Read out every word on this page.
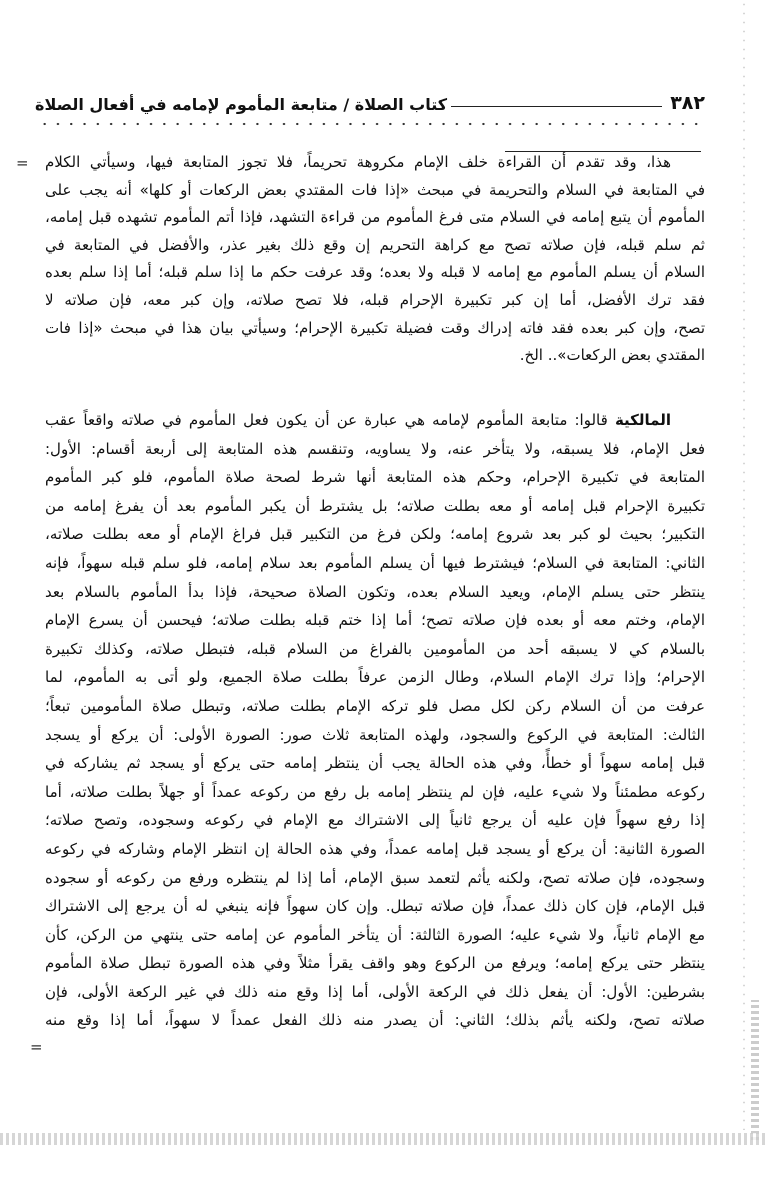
٣٨٢
كتاب الصلاة / متابعة المأموم لإمامه في أفعال الصلاة
= هذا، وقد تقدم أن القراءة خلف الإمام مكروهة تحريماً، فلا تجوز المتابعة فيها، وسيأتي الكلام
في المتابعة في السلام والتحريمة في مبحث «إذا فات المقتدي بعض الركعات أو كلها» أنه يجب على
المأموم أن يتبع إمامه في السلام متى فرغ المأموم من قراءة التشهد، فإذا أتم المأموم تشهده قبل إمامه،
ثم سلم قبله، فإن صلاته تصح مع كراهة التحريم إن وقع ذلك بغير عذر، والأفضل في المتابعة في
السلام أن يسلم المأموم مع إمامه لا قبله ولا بعده؛ وقد عرفت حكم ما إذا سلم قبله؛ أما إذا سلم بعده
فقد ترك الأفضل، أما إن كبر تكبيرة الإحرام قبله، فلا تصح صلاته، وإن كبر معه، فإن صلاته لا
تصح، وإن كبر بعده فقد فاته إدراك وقت فضيلة تكبيرة الإحرام؛ وسيأتي بيان هذا في مبحث «إذا فات
المقتدي بعض الركعات».. الخ.
المالكية قالوا: متابعة المأموم لإمامه هي عبارة عن أن يكون فعل المأموم في صلاته واقعاً عقب
فعل الإمام، فلا يسبقه، ولا يتأخر عنه، ولا يساويه، وتنقسم هذه المتابعة إلى أربعة أقسام: الأول:
المتابعة في تكبيرة الإحرام، وحكم هذه المتابعة أنها شرط لصحة صلاة المأموم، فلو كبر المأموم
تكبيرة الإحرام قبل إمامه أو معه بطلت صلاته؛ بل يشترط أن يكبر المأموم بعد أن يفرغ إمامه من
التكبير؛ بحيث لو كبر بعد شروع إمامه؛ ولكن فرغ من التكبير قبل فراغ الإمام أو معه بطلت صلاته،
الثاني: المتابعة في السلام؛ فيشترط فيها أن يسلم المأموم بعد سلام إمامه، فلو سلم قبله سهواً، فإنه
ينتظر حتى يسلم الإمام، ويعيد السلام بعده، وتكون الصلاة صحيحة، فإذا بدأ المأموم بالسلام بعد
الإمام، وختم معه أو بعده فإن صلاته تصح؛ أما إذا ختم قبله بطلت صلاته؛ فيحسن أن يسرع الإمام
بالسلام كي لا يسبقه أحد من المأمومين بالفراغ من السلام قبله، فتبطل صلاته، وكذلك تكبيرة
الإحرام؛ وإذا ترك الإمام السلام، وطال الزمن عرفاً بطلت صلاة الجميع، ولو أتى به المأموم، لما
عرفت من أن السلام ركن لكل مصل فلو تركه الإمام بطلت صلاته، وتبطل صلاة المأمومين تبعاً؛
الثالث: المتابعة في الركوع والسجود، ولهذه المتابعة ثلاث صور: الصورة الأولى: أن يركع أو يسجد
قبل إمامه سهواً أو خطأً، وفي هذه الحالة يجب أن ينتظر إمامه حتى يركع أو يسجد ثم يشاركه في
ركوعه مطمئناً ولا شيء عليه، فإن لم ينتظر إمامه بل رفع من ركوعه عمداً أو جهلاً بطلت صلاته، أما
إذا رفع سهواً فإن عليه أن يرجع ثانياً إلى الاشتراك مع الإمام في ركوعه وسجوده، وتصح صلاته؛
الصورة الثانية: أن يركع أو يسجد قبل إمامه عمداً، وفي هذه الحالة إن انتظر الإمام وشاركه في ركوعه
وسجوده، فإن صلاته تصح، ولكنه يأثم لتعمد سبق الإمام، أما إذا لم ينتظره ورفع من ركوعه أو سجوده
قبل الإمام، فإن كان ذلك عمداً، فإن صلاته تبطل. وإن كان سهواً فإنه ينبغي له أن يرجع إلى الاشتراك
مع الإمام ثانياً، ولا شيء عليه؛ الصورة الثالثة: أن يتأخر المأموم عن إمامه حتى ينتهي من الركن، كأن
ينتظر حتى يركع إمامه؛ ويرفع من الركوع وهو واقف يقرأ مثلاً وفي هذه الصورة تبطل صلاة المأموم
بشرطين: الأول: أن يفعل ذلك في الركعة الأولى، أما إذا وقع منه ذلك في غير الركعة الأولى، فإن
صلاته تصح، ولكنه يأثم بذلك؛ الثاني: أن يصدر منه ذلك الفعل عمداً لا سهواً، أما إذا وقع منه
=
